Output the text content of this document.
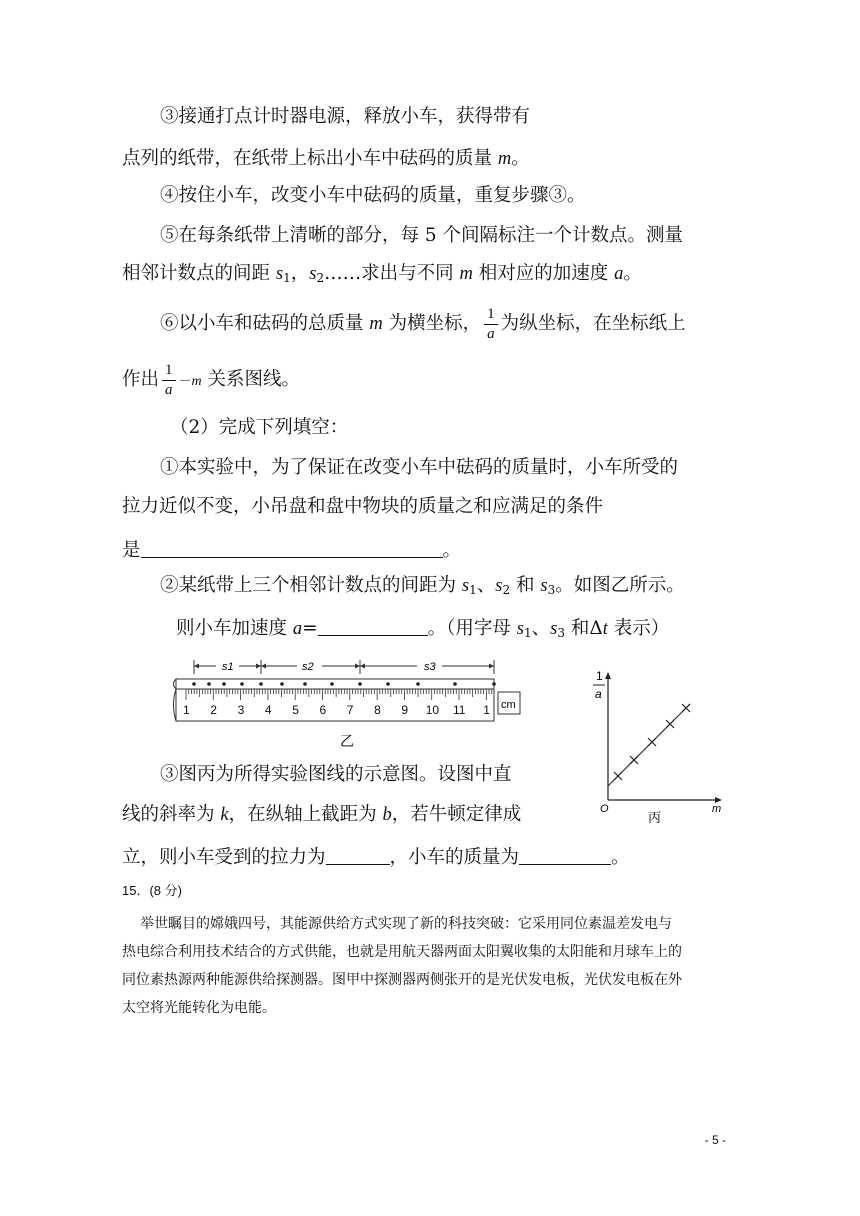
③接通打点计时器电源，释放小车，获得带有
点列的纸带，在纸带上标出小车中砝码的质量 m。
④按住小车，改变小车中砝码的质量，重复步骤③。
⑤在每条纸带上清晰的部分，每 5 个间隔标注一个计数点。测量
相邻计数点的间距 $s_1$，$s_2\dots\dots$求出与不同 m 相对应的加速度 a。
⑥以小车和砝码的总质量 m 为横坐标， $\frac{1}{a}$ 为纵坐标，在坐标纸上
作出 $\frac{1}{a} -m$ 关系图线。
（2）完成下列填空：
①本实验中，为了保证在改变小车中砝码的质量时，小车所受的
拉力近似不变，小吊盘和盘中物块的质量之和应满足的条件
是	。
②某纸带上三个相邻计数点的间距为 $s_1$、$s_2$ 和 $s_3$。如图乙所示。
则小车加速度 a=	。（用字母 $s_1$、$s_3$ 和Δt 表示）
s1	s2	s3
1 2 3 4 5 6 7 8 9 10 11 1 cm
乙
1
a
O	m
丙
③图丙为所得实验图线的示意图。设图中直
线的斜率为 k，在纵轴上截距为 b，若牛顿定律成
立，则小车受到的拉力为	，小车的质量为	。
15．(8 分)
举世瞩目的嫦娥四号，其能源供给方式实现了新的科技突破：它采用同位素温差发电与
热电综合利用技术结合的方式供能，也就是用航天器两面太阳翼收集的太阳能和月球车上的
同位素热源两种能源供给探测器。图甲中探测器两侧张开的是光伏发电板，光伏发电板在外
太空将光能转化为电能。
- 5 -
